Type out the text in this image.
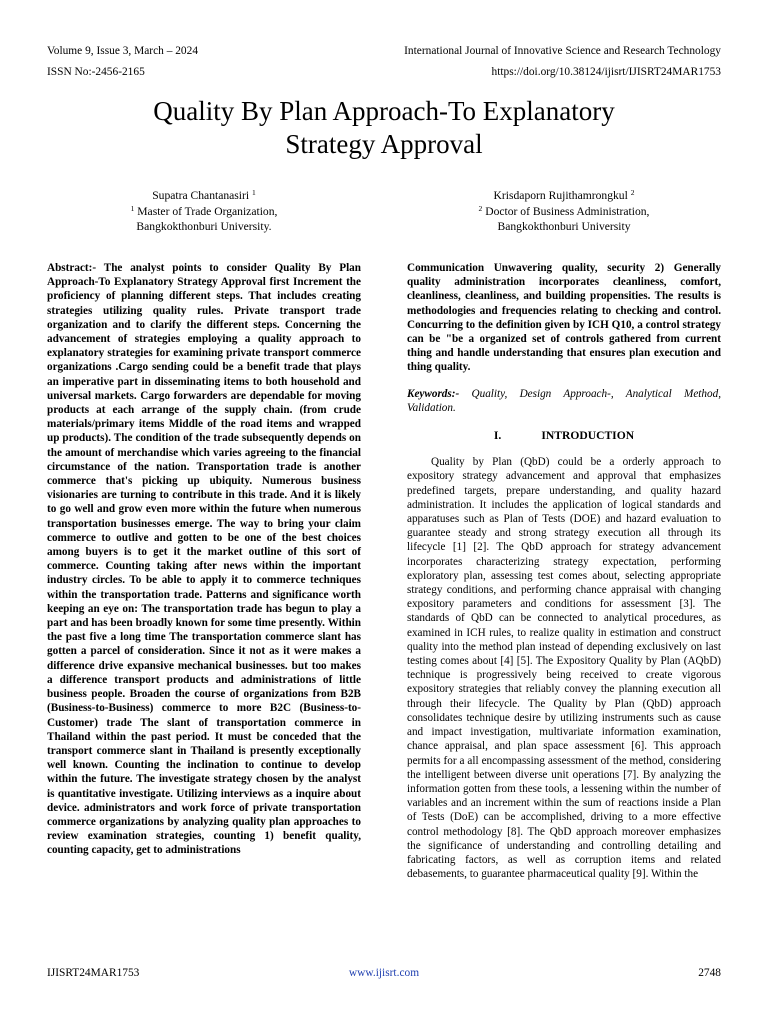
Volume 9, Issue 3, March – 2024	International Journal of Innovative Science and Research Technology
ISSN No:-2456-2165	https://doi.org/10.38124/ijisrt/IJISRT24MAR1753
Quality By Plan Approach-To Explanatory
Strategy Approval
Supatra Chantanasiri $^1$
$^1$ Master of Trade Organization,
Bangkokthonburi University.
Krisdaporn Rujithamrongkul $^2$
$^2$ Doctor of Business Administration,
Bangkokthonburi University

Abstract:- The analyst points to consider Quality By Plan Approach-To Explanatory Strategy Approval first Increment the proficiency of planning different steps. That includes creating strategies utilizing quality rules. Private transport trade organization and to clarify the different steps. Concerning the advancement of strategies employing a quality approach to explanatory strategies for examining private transport commerce organizations .Cargo sending could be a benefit trade that plays an imperative part in disseminating items to both household and universal markets. Cargo forwarders are dependable for moving products at each arrange of the supply chain. (from crude materials/primary items Middle of the road items and wrapped up products). The condition of the trade subsequently depends on the amount of merchandise which varies agreeing to the financial circumstance of the nation. Transportation trade is another commerce that's picking up ubiquity. Numerous business visionaries are turning to contribute in this trade. And it is likely to go well and grow even more within the future when numerous transportation businesses emerge. The way to bring your claim commerce to outlive and gotten to be one of the best choices among buyers is to get it the market outline of this sort of commerce. Counting taking after news within the important industry circles. To be able to apply it to commerce techniques within the transportation trade. Patterns and significance worth keeping an eye on: The transportation trade has begun to play a part and has been broadly known for some time presently. Within the past five a long time The transportation commerce slant has gotten a parcel of consideration. Since it not as it were makes a difference drive expansive mechanical businesses. but too makes a difference transport products and administrations of little business people. Broaden the course of organizations from B2B (Business-to-Business) commerce to more B2C (Business-to-Customer) trade The slant of transportation commerce in Thailand within the past period. It must be conceded that the transport commerce slant in Thailand is presently exceptionally well known. Counting the inclination to continue to develop within the future. The investigate strategy chosen by the analyst is quantitative investigate. Utilizing interviews as a inquire about device. administrators and work force of private transportation commerce organizations by analyzing quality plan approaches to review examination strategies, counting 1) benefit quality, counting capacity, get to administrations

Communication Unwavering quality, security 2) Generally quality administration incorporates cleanliness, comfort, cleanliness, cleanliness, and building propensities. The results is methodologies and frequencies relating to checking and control. Concurring to the definition given by ICH Q10, a control strategy can be "be a organized set of controls gathered from current thing and handle understanding that ensures plan execution and thing quality.

Keywords:- Quality, Design Approach-, Analytical Method, Validation.

I.	INTRODUCTION

Quality by Plan (QbD) could be a orderly approach to expository strategy advancement and approval that emphasizes predefined targets, prepare understanding, and quality hazard administration. It includes the application of logical standards and apparatuses such as Plan of Tests (DOE) and hazard evaluation to guarantee steady and strong strategy execution all through its lifecycle [1] [2]. The QbD approach for strategy advancement incorporates characterizing strategy expectation, performing exploratory plan, assessing test comes about, selecting appropriate strategy conditions, and performing chance appraisal with changing expository parameters and conditions for assessment [3]. The standards of QbD can be connected to analytical procedures, as examined in ICH rules, to realize quality in estimation and construct quality into the method plan instead of depending exclusively on last testing comes about [4] [5]. The Expository Quality by Plan (AQbD) technique is progressively being received to create vigorous expository strategies that reliably convey the planning execution all through their lifecycle. The Quality by Plan (QbD) approach consolidates technique desire by utilizing instruments such as cause and impact investigation, multivariate information examination, chance appraisal, and plan space assessment [6]. This approach permits for a all encompassing assessment of the method, considering the intelligent between diverse unit operations [7]. By analyzing the information gotten from these tools, a lessening within the number of variables and an increment within the sum of reactions inside a Plan of Tests (DoE) can be accomplished, driving to a more effective control methodology [8]. The QbD approach moreover emphasizes the significance of understanding and controlling detailing and fabricating factors, as well as corruption items and related debasements, to guarantee pharmaceutical quality [9]. Within the

IJISRT24MAR1753	www.ijisrt.com	2748
